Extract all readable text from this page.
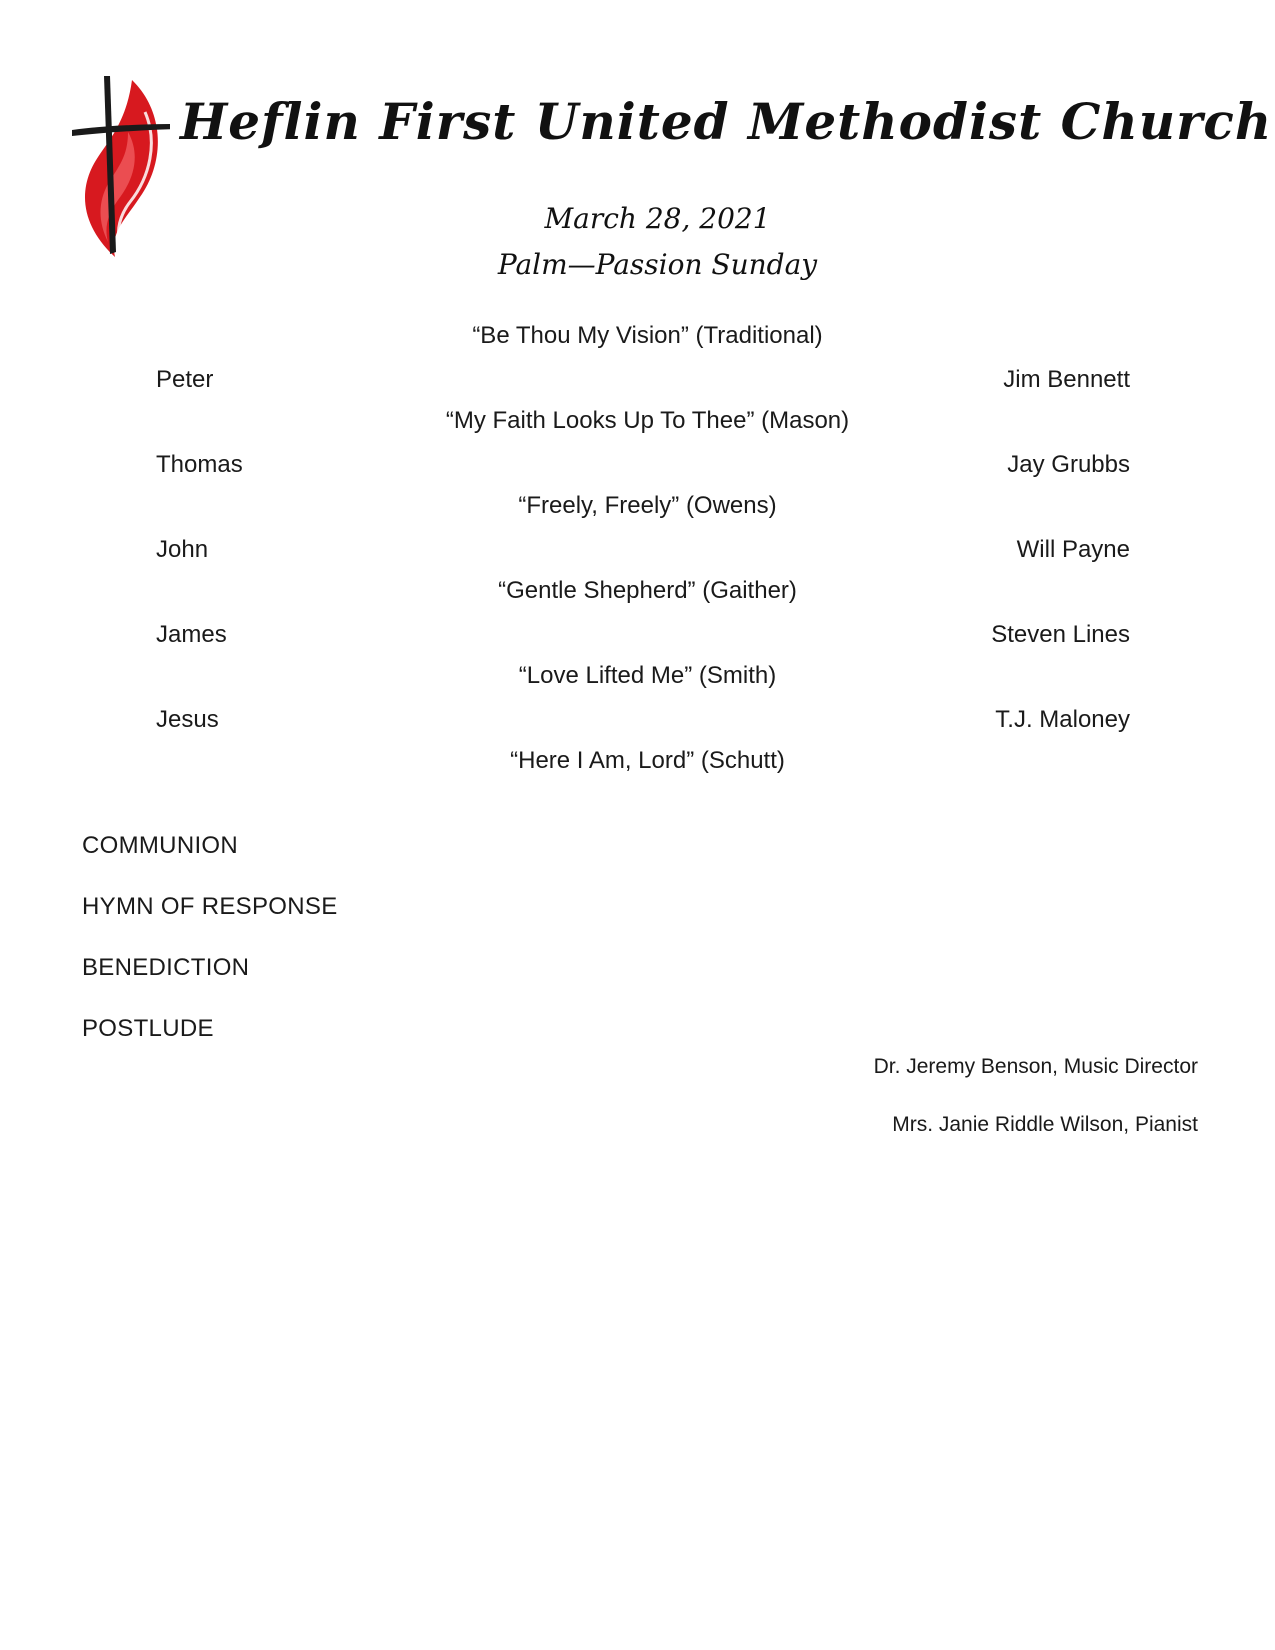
Heflin First United Methodist Church
March 28, 2021
Palm—Passion Sunday
“Be Thou My Vision” (Traditional)
Peter	Jim Bennett
“My Faith Looks Up To Thee” (Mason)
Thomas	Jay Grubbs
“Freely, Freely” (Owens)
John	Will Payne
“Gentle Shepherd” (Gaither)
James	Steven Lines
“Love Lifted Me” (Smith)
Jesus	T.J. Maloney
“Here I Am, Lord” (Schutt)
COMMUNION
HYMN OF RESPONSE
BENEDICTION
POSTLUDE
Dr. Jeremy Benson, Music Director
Mrs. Janie Riddle Wilson, Pianist
